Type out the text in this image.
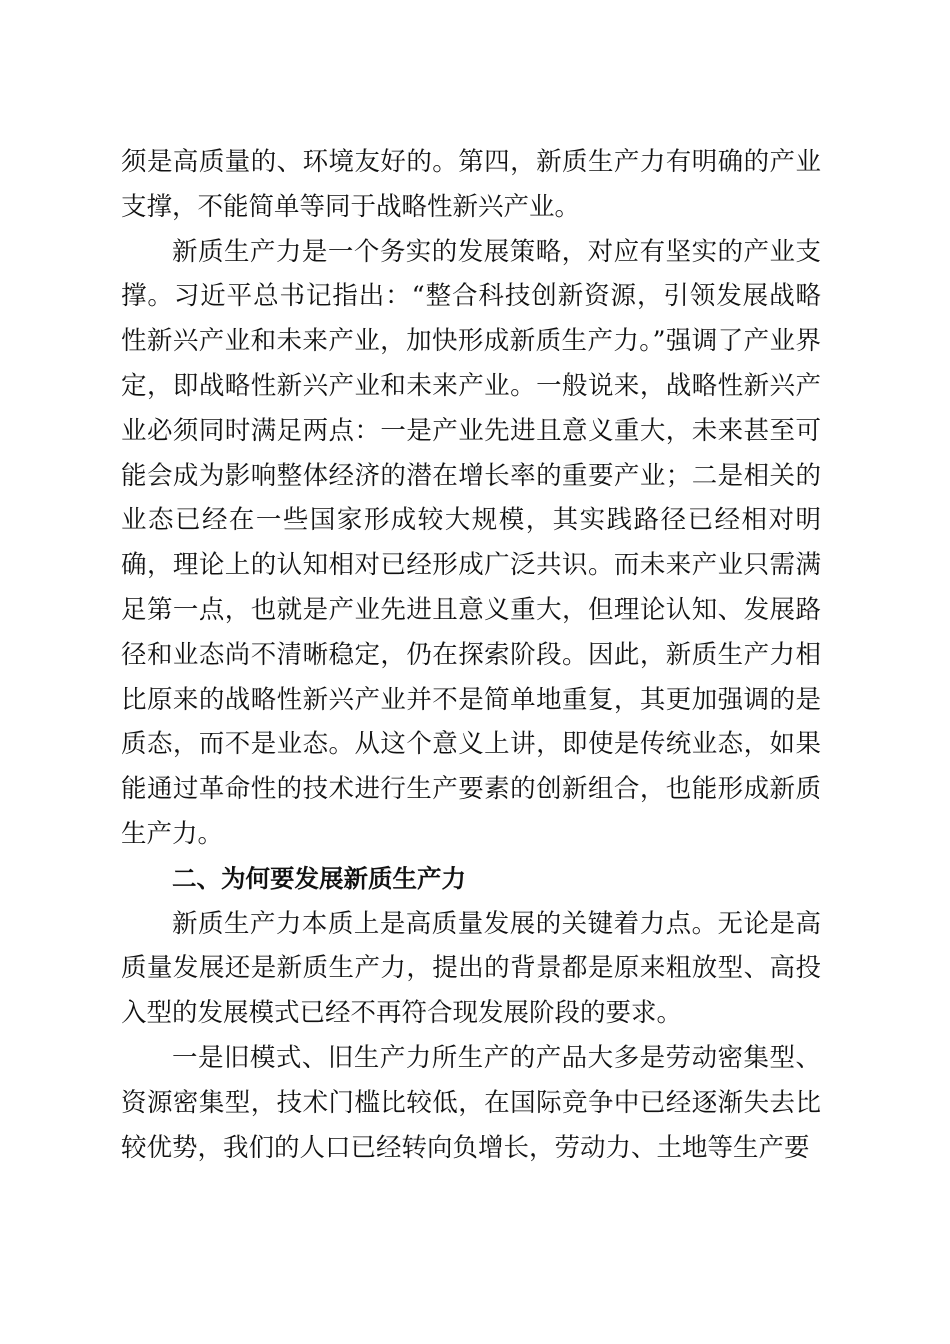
须是高质量的、环境友好的。第四，新质生产力有明确的产业支撑，不能简单等同于战略性新兴产业。

新质生产力是一个务实的发展策略，对应有坚实的产业支撑。习近平总书记指出：“整合科技创新资源，引领发展战略性新兴产业和未来产业，加快形成新质生产力。”强调了产业界定，即战略性新兴产业和未来产业。一般说来，战略性新兴产业必须同时满足两点：一是产业先进且意义重大，未来甚至可能会成为影响整体经济的潜在增长率的重要产业；二是相关的业态已经在一些国家形成较大规模，其实践路径已经相对明确，理论上的认知相对已经形成广泛共识。而未来产业只需满足第一点，也就是产业先进且意义重大，但理论认知、发展路径和业态尚不清晰稳定，仍在探索阶段。因此，新质生产力相比原来的战略性新兴产业并不是简单地重复，其更加强调的是质态，而不是业态。从这个意义上讲，即使是传统业态，如果能通过革命性的技术进行生产要素的创新组合，也能形成新质生产力。

二、为何要发展新质生产力

新质生产力本质上是高质量发展的关键着力点。无论是高质量发展还是新质生产力，提出的背景都是原来粗放型、高投入型的发展模式已经不再符合现发展阶段的要求。

一是旧模式、旧生产力所生产的产品大多是劳动密集型、资源密集型，技术门槛比较低，在国际竞争中已经逐渐失去比较优势，我们的人口已经转向负增长，劳动力、土地等生产要
